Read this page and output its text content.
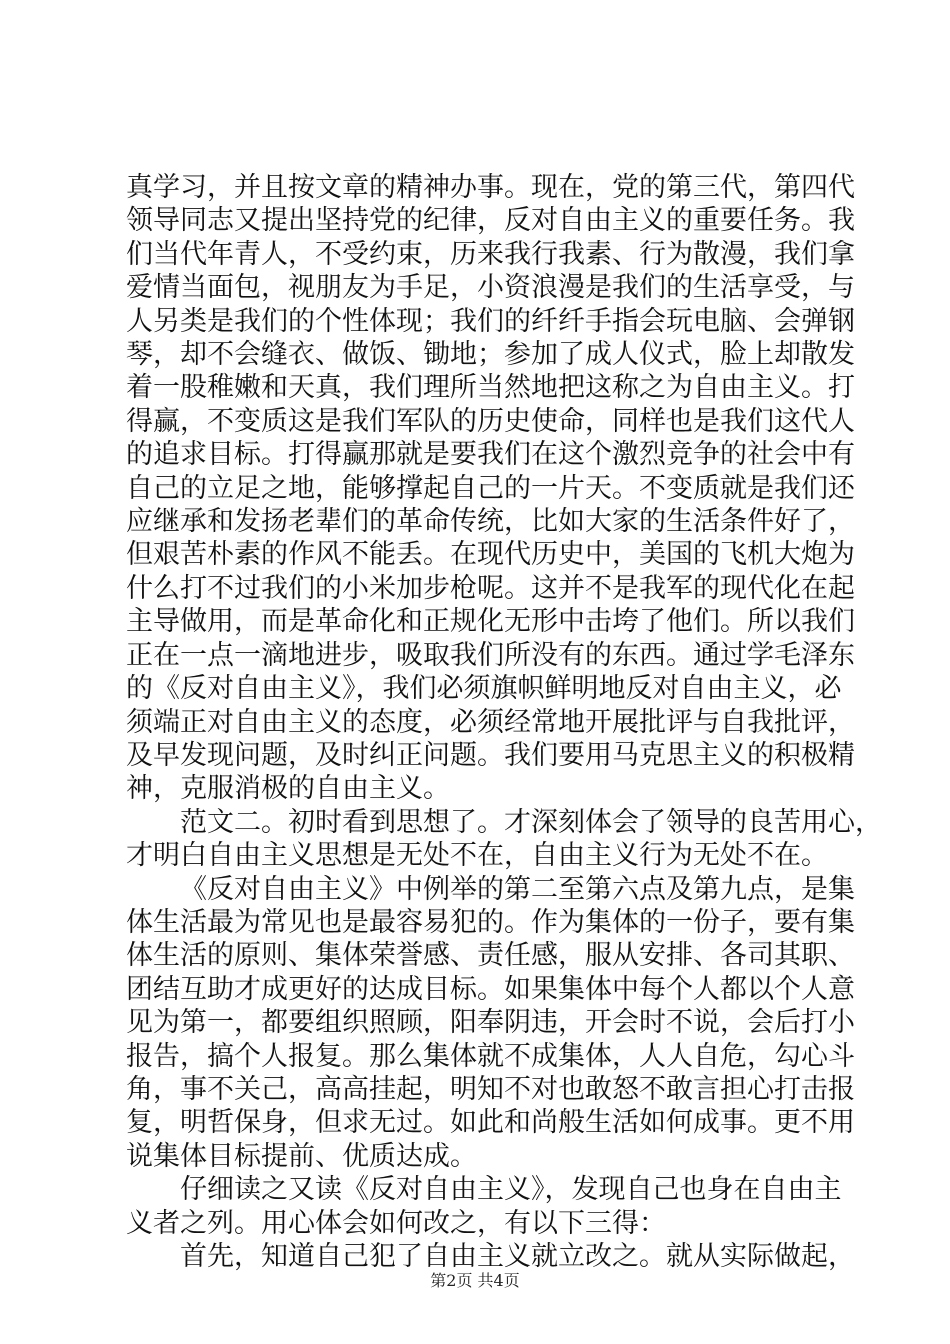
真学习，并且按文章的精神办事。现在，党的第三代，第四代
领导同志又提出坚持党的纪律，反对自由主义的重要任务。我
们当代年青人，不受约束，历来我行我素、行为散漫，我们拿
爱情当面包，视朋友为手足，小资浪漫是我们的生活享受，与
人另类是我们的个性体现；我们的纤纤手指会玩电脑、会弹钢
琴，却不会缝衣、做饭、锄地；参加了成人仪式，脸上却散发
着一股稚嫩和天真，我们理所当然地把这称之为自由主义。打
得赢，不变质这是我们军队的历史使命，同样也是我们这代人
的追求目标。打得赢那就是要我们在这个激烈竞争的社会中有
自己的立足之地，能够撑起自己的一片天。不变质就是我们还
应继承和发扬老辈们的革命传统，比如大家的生活条件好了，
但艰苦朴素的作风不能丢。在现代历史中，美国的飞机大炮为
什么打不过我们的小米加步枪呢。这并不是我军的现代化在起
主导做用，而是革命化和正规化无形中击垮了他们。所以我们
正在一点一滴地进步，吸取我们所没有的东西。通过学毛泽东
的《反对自由主义》，我们必须旗帜鲜明地反对自由主义，必
须端正对自由主义的态度，必须经常地开展批评与自我批评，
及早发现问题，及时纠正问题。我们要用马克思主义的积极精
神，克服消极的自由主义。
范文二。初时看到思想了。才深刻体会了领导的良苦用心，
才明白自由主义思想是无处不在，自由主义行为无处不在。
《反对自由主义》中例举的第二至第六点及第九点，是集
体生活最为常见也是最容易犯的。作为集体的一份子，要有集
体生活的原则、集体荣誉感、责任感，服从安排、各司其职、
团结互助才成更好的达成目标。如果集体中每个人都以个人意
见为第一，都要组织照顾，阳奉阴违，开会时不说，会后打小
报告，搞个人报复。那么集体就不成集体，人人自危，勾心斗
角，事不关己，高高挂起，明知不对也敢怒不敢言担心打击报
复，明哲保身，但求无过。如此和尚般生活如何成事。更不用
说集体目标提前、优质达成。
仔细读之又读《反对自由主义》，发现自己也身在自由主
义者之列。用心体会如何改之，有以下三得：
首先，知道自己犯了自由主义就立改之。就从实际做起，
第2页 共4页
